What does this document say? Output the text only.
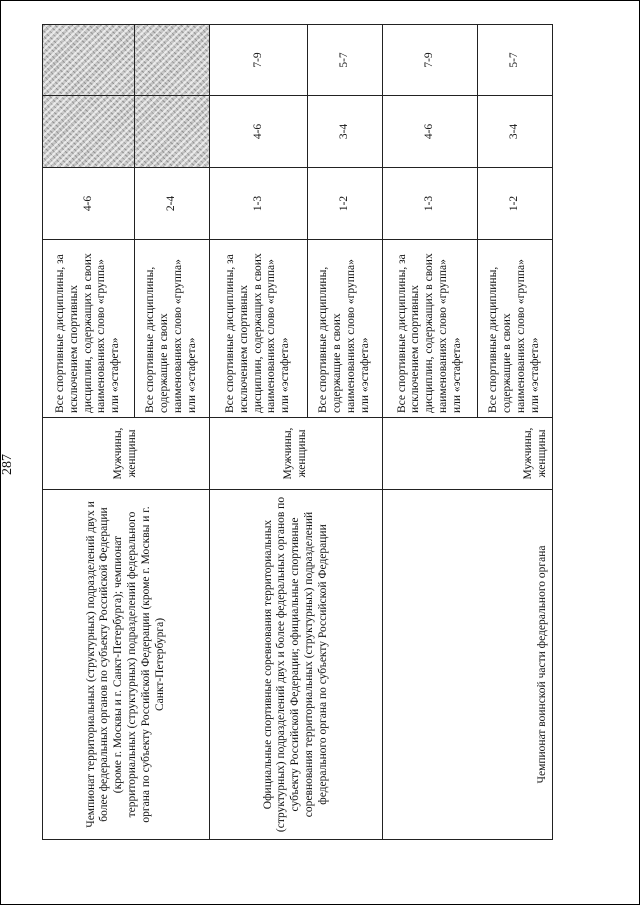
287
Чемпионат территориальных (структурных) подразделений двух и более федеральных органов по субъекту Российской Федерации (кроме г. Москвы и г. Санкт-Петербурга); чемпионат территориальных (структурных) подразделений федерального органа по субъекту Российской Федерации (кроме г. Москвы и г. Санкт-Петербурга)	Мужчины, женщины	Все спортивные дисциплины, за исключением спортивных дисциплин, содержащих в своих наименованиях слово «группа» или «эстафета»	4-6		
		Все спортивные дисциплины, содержащие в своих наименованиях слово «группа» или «эстафета»	2-4		
Официальные спортивные соревнования территориальных (структурных) подразделений двух и более федеральных органов по субъекту Российской Федерации; официальные спортивные соревнования территориальных (структурных) подразделений федерального органа по субъекту Российской Федерации	Мужчины, женщины	Все спортивные дисциплины, за исключением спортивных дисциплин, содержащих в своих наименованиях слово «группа» или «эстафета»	1-3	4-6	7-9
		Все спортивные дисциплины, содержащие в своих наименованиях слово «группа» или «эстафета»	1-2	3-4	5-7
Чемпионат воинской части федерального органа	Мужчины, женщины	Все спортивные дисциплины, за исключением спортивных дисциплин, содержащих в своих наименованиях слово «группа» или «эстафета»	1-3	4-6	7-9
		Все спортивные дисциплины, содержащие в своих наименованиях слово «группа» или «эстафета»	1-2	3-4	5-7
